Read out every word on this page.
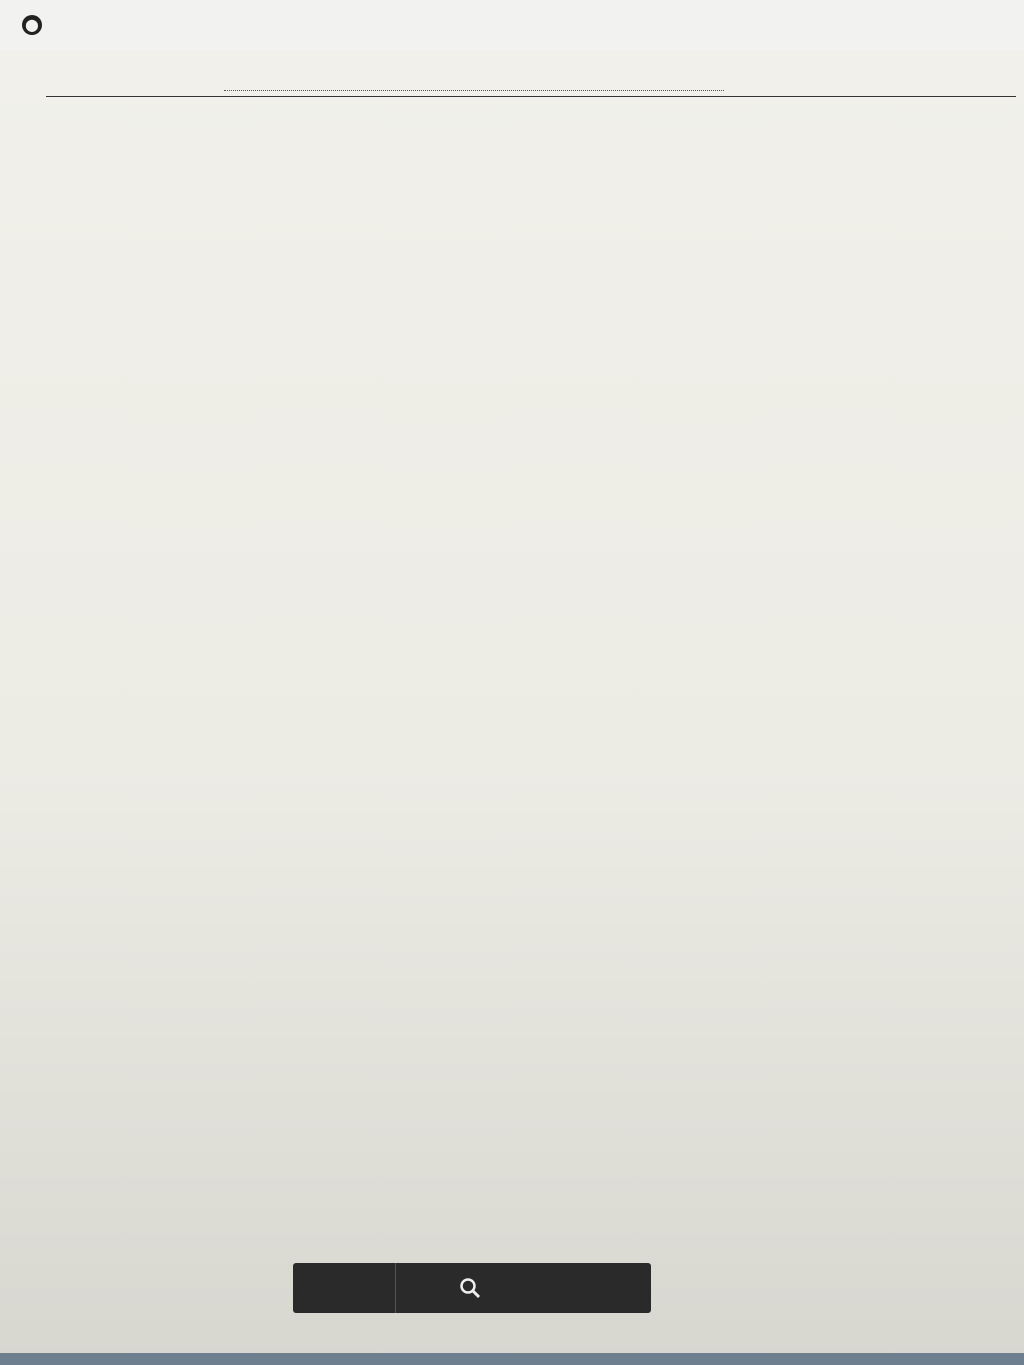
⬤
